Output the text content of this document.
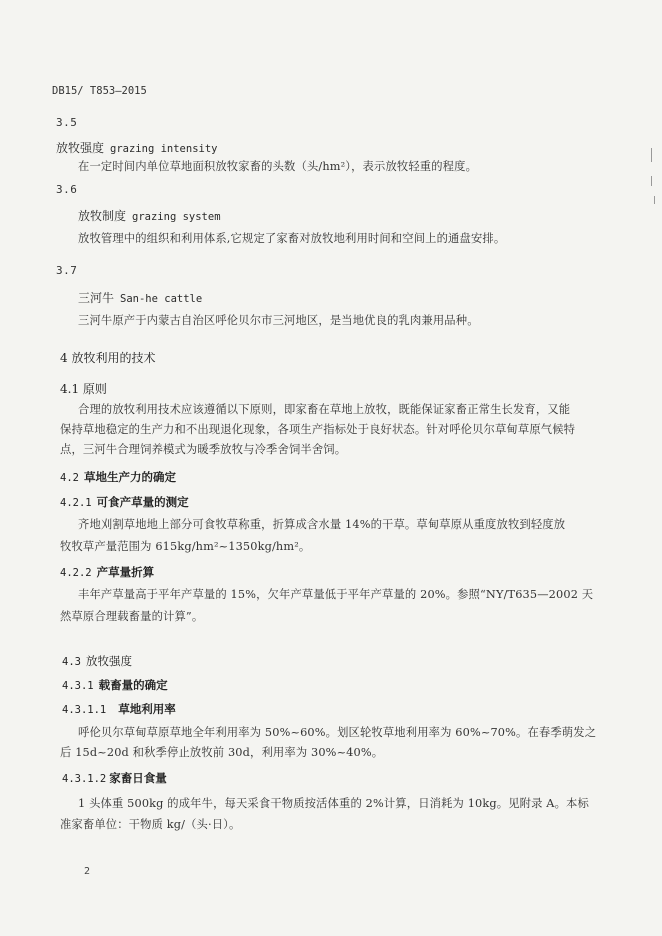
DB15/ T853—2015
3.5
放牧强度 grazing intensity
在一定时间内单位草地面积放牧家畜的头数（头/hm²），表示放牧轻重的程度。
3.6
放牧制度 grazing system
放牧管理中的组织和利用体系,它规定了家畜对放牧地利用时间和空间上的通盘安排。
3.7
三河牛 San-he cattle
三河牛原产于内蒙古自治区呼伦贝尔市三河地区，是当地优良的乳肉兼用品种。
4 放牧利用的技术
4.1 原则
合理的放牧利用技术应该遵循以下原则，即家畜在草地上放牧，既能保证家畜正常生长发育，又能
保持草地稳定的生产力和不出现退化现象，各项生产指标处于良好状态。针对呼伦贝尔草甸草原气候特
点，三河牛合理饲养模式为暖季放牧与冷季舍饲半舍饲。
4.2 草地生产力的确定
4.2.1 可食产草量的测定
齐地刈割草地地上部分可食牧草称重，折算成含水量 14%的干草。草甸草原从重度放牧到轻度放
牧牧草产量范围为 615kg/hm²~1350kg/hm²。
4.2.2 产草量折算
丰年产草量高于平年产草量的 15%，欠年产草量低于平年产草量的 20%。参照“NY/T635—2002 天
然草原合理载畜量的计算”。
4.3 放牧强度
4.3.1 载畜量的确定
4.3.1.1 草地利用率
呼伦贝尔草甸草原草地全年利用率为 50%~60%。划区轮牧草地利用率为 60%~70%。在春季萌发之
后 15d~20d 和秋季停止放牧前 30d，利用率为 30%~40%。
4.3.1.2 家畜日食量
1 头体重 500kg 的成年牛，每天采食干物质按活体重的 2%计算，日消耗为 10kg。见附录 A。本标
准家畜单位：干物质 kg/（头·日）。
2
